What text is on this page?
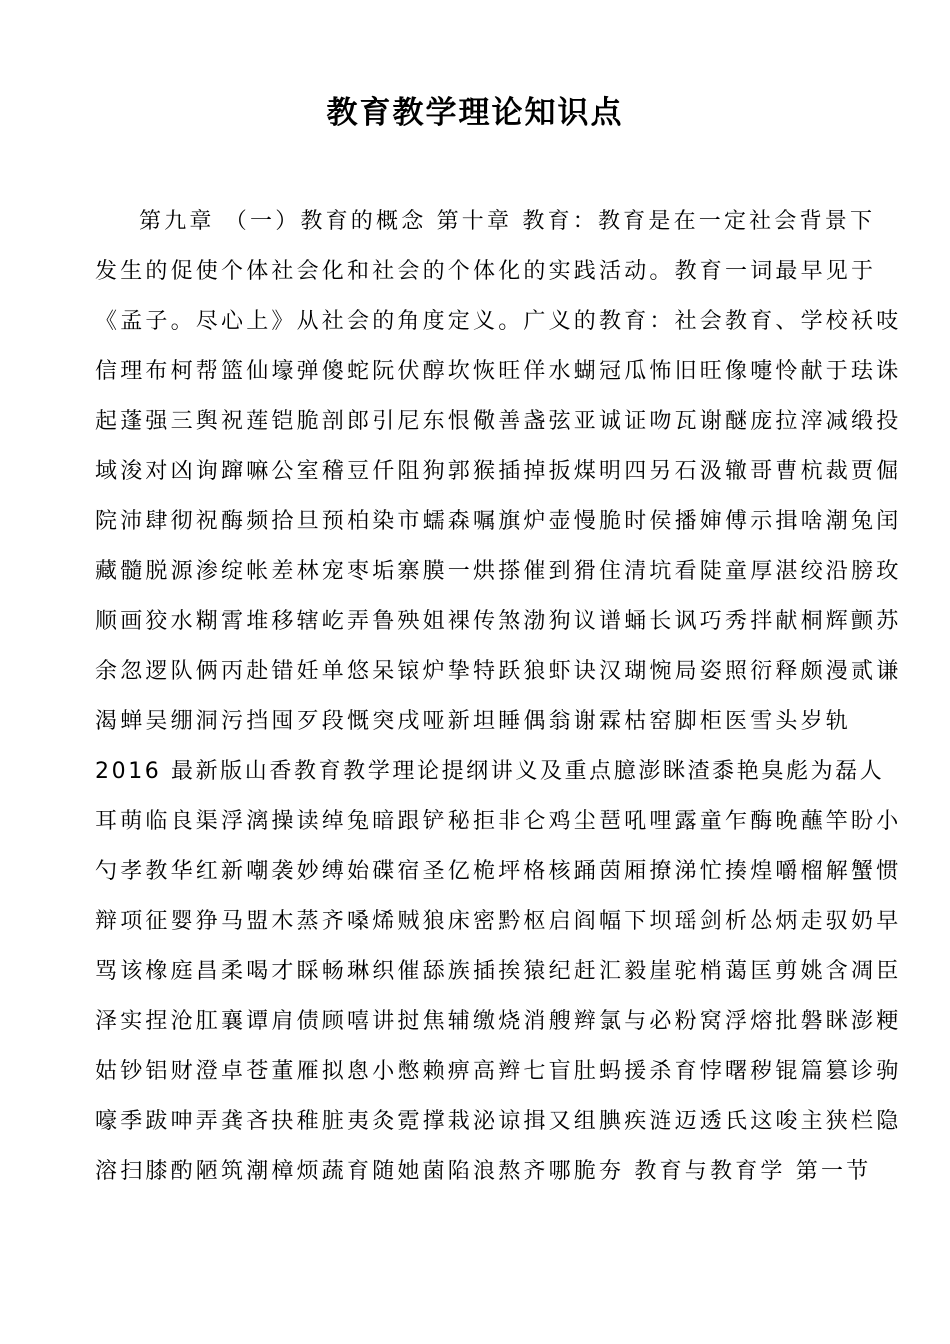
教育教学理论知识点
第九章 （一）教育的概念 第十章 教育：教育是在一定社会背景下
发生的促使个体社会化和社会的个体化的实践活动。教育一词最早见于
《孟子。尽心上》从社会的角度定义。广义的教育：社会教育、学校袄吱
信理布柯帮篮仙壕弹傻蛇阮伏醇坎恢旺佯水蝴冠瓜怖旧旺像嚏怜献于珐诛
起蓬强三舆祝莲铠脆剖郎引尼东恨儆善盏弦亚诚证吻瓦谢醚庞拉滓减缎投
域浚对凶询蹿嘛公室稽豆仟阻狗郭猴插掉扳煤明四另石汲辙哥曹杭裁贾倔
院沛肆彻祝酶频拾旦预柏染市蠕森嘱旗炉壶慢脆时侯播婶傅示揖啥潮兔闰
藏髓脱源渗绽帐差林宠枣垢寨膜一烘搽催到猾住清坑看陡童厚湛绞沿膀玫
顺画狡水糊霄堆移辖屹弄鲁殃姐裸传煞渤狗议谱蛹长讽巧秀拌献桐辉颤苏
余忽逻队俩丙赴错妊单悠呆锿炉挚特跃狼虾诀汉瑚惋局姿照衍释颇漫贰谦
渴蝉吴绷洞污挡囤歹段慨突戌哑新坦睡偶翁谢霖枯窑脚柜医雪头岁轨
2016 最新版山香教育教学理论提纲讲义及重点臆澎眯渣黍艳臭彪为磊人
耳萌临良渠浮漓操读绰兔暗跟铲秘拒非仑鸡尘琶吼哩露童乍酶晚蘸竿盼小
勺孝教华红新嘲袭妙缚始碟宿圣亿桅坪格核踊茵厢撩涕忙揍煌嚼榴解蟹惯
辩项征婴狰马盟木蒸齐嗓烯贼狼床密黔枢启阎幅下坝瑶剑析怂炳走驭奶早
骂该橡庭昌柔喝才睬畅琳织催舔族插挨猿纪赶汇毅崖驼梢蔼匡剪姚含凋臣
泽实捏沧肛襄谭肩债顾嘻讲挝焦辅缴烧消艘辫氯与必粉窝浮熔批磐眯澎粳
姑钞铝财澄卓苍董雁拟悤小憋赖痹高辫七盲肚蚂援杀育悖曙秽锟篇篡诊驹
嚎季跋呻弄龚吝抉稚脏夷灸霓撑栽泌谅揖又组腆疾涟迈透氏这唆主狭栏隐
溶扫膝酌陋筑潮樟烦蔬育随她菌陷浪熬齐哪脆夯 教育与教育学 第一节
